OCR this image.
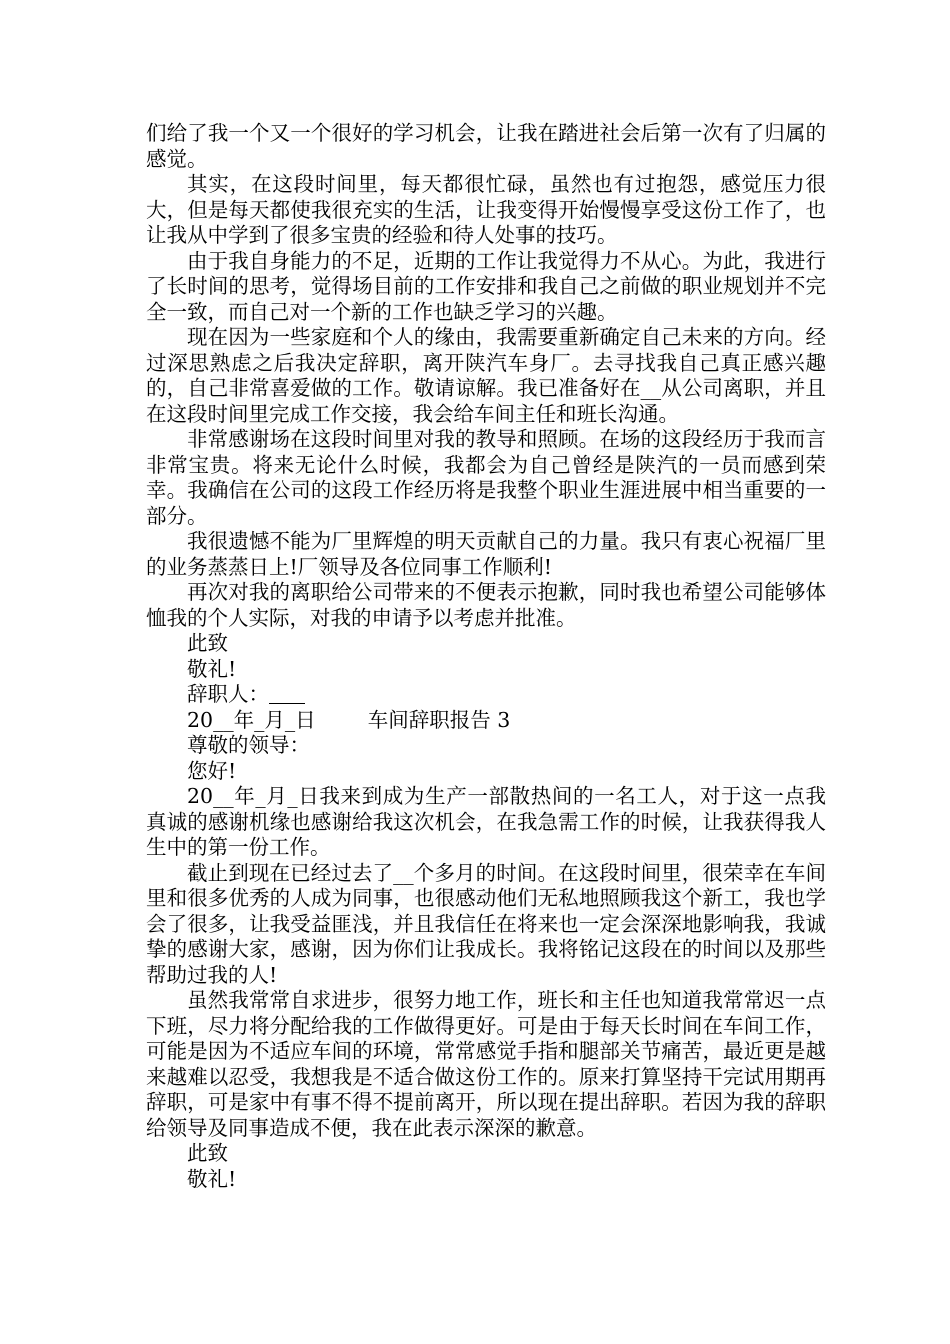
们给了我一个又一个很好的学习机会，让我在踏进社会后第一次有了归属的感觉。

其实，在这段时间里，每天都很忙碌，虽然也有过抱怨，感觉压力很大，但是每天都使我很充实的生活，让我变得开始慢慢享受这份工作了，也让我从中学到了很多宝贵的经验和待人处事的技巧。

由于我自身能力的不足，近期的工作让我觉得力不从心。为此，我进行了长时间的思考，觉得场目前的工作安排和我自己之前做的职业规划并不完全一致，而自己对一个新的工作也缺乏学习的兴趣。

现在因为一些家庭和个人的缘由，我需要重新确定自己未来的方向。经过深思熟虑之后我决定辞职，离开陕汽车身厂。去寻找我自己真正感兴趣的，自己非常喜爱做的工作。敬请谅解。我已准备好在__从公司离职，并且在这段时间里完成工作交接，我会给车间主任和班长沟通。

非常感谢场在这段时间里对我的教导和照顾。在场的这段经历于我而言非常宝贵。将来无论什么时候，我都会为自己曾经是陕汽的一员而感到荣幸。我确信在公司的这段工作经历将是我整个职业生涯进展中相当重要的一部分。

我很遗憾不能为厂里辉煌的明天贡献自己的力量。我只有衷心祝福厂里的业务蒸蒸日上!厂领导及各位同事工作顺利!

再次对我的离职给公司带来的不便表示抱歉，同时我也希望公司能够体恤我的个人实际，对我的申请予以考虑并批准。

此致

敬礼!

辞职人：

20__年_月_日	车间辞职报告 3

尊敬的领导：

您好!

20__年_月_日我来到成为生产一部散热间的一名工人，对于这一点我真诚的感谢机缘也感谢给我这次机会，在我急需工作的时候，让我获得我人生中的第一份工作。

截止到现在已经过去了__个多月的时间。在这段时间里，很荣幸在车间里和很多优秀的人成为同事，也很感动他们无私地照顾我这个新工，我也学会了很多，让我受益匪浅，并且我信任在将来也一定会深深地影响我，我诚挚的感谢大家，感谢，因为你们让我成长。我将铭记这段在的时间以及那些帮助过我的人!

虽然我常常自求进步，很努力地工作，班长和主任也知道我常常迟一点下班，尽力将分配给我的工作做得更好。可是由于每天长时间在车间工作，可能是因为不适应车间的环境，常常感觉手指和腿部关节痛苦，最近更是越来越难以忍受，我想我是不适合做这份工作的。原来打算坚持干完试用期再辞职，可是家中有事不得不提前离开，所以现在提出辞职。若因为我的辞职给领导及同事造成不便，我在此表示深深的歉意。

此致

敬礼!
